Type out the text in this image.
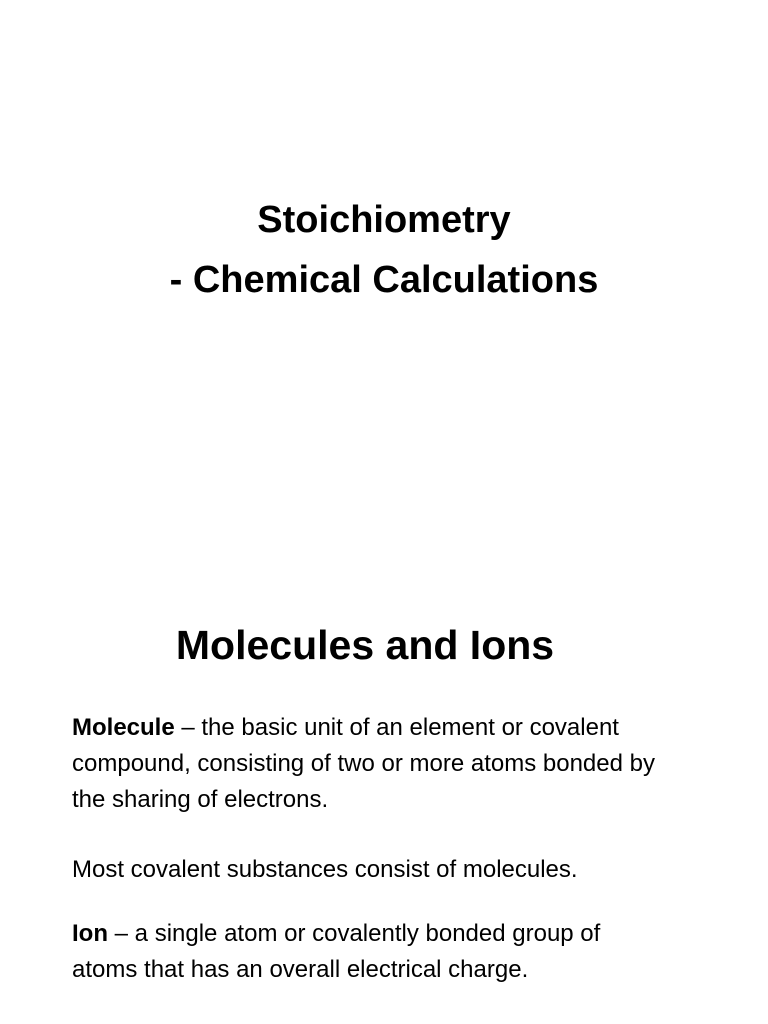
Stoichiometry
- Chemical Calculations
Molecules and Ions
Molecule – the basic unit of an element or covalent compound, consisting of two or more atoms bonded by the sharing of electrons.
Most covalent substances consist of molecules.
Ion – a single atom or covalently bonded group of atoms that has an overall electrical charge.
